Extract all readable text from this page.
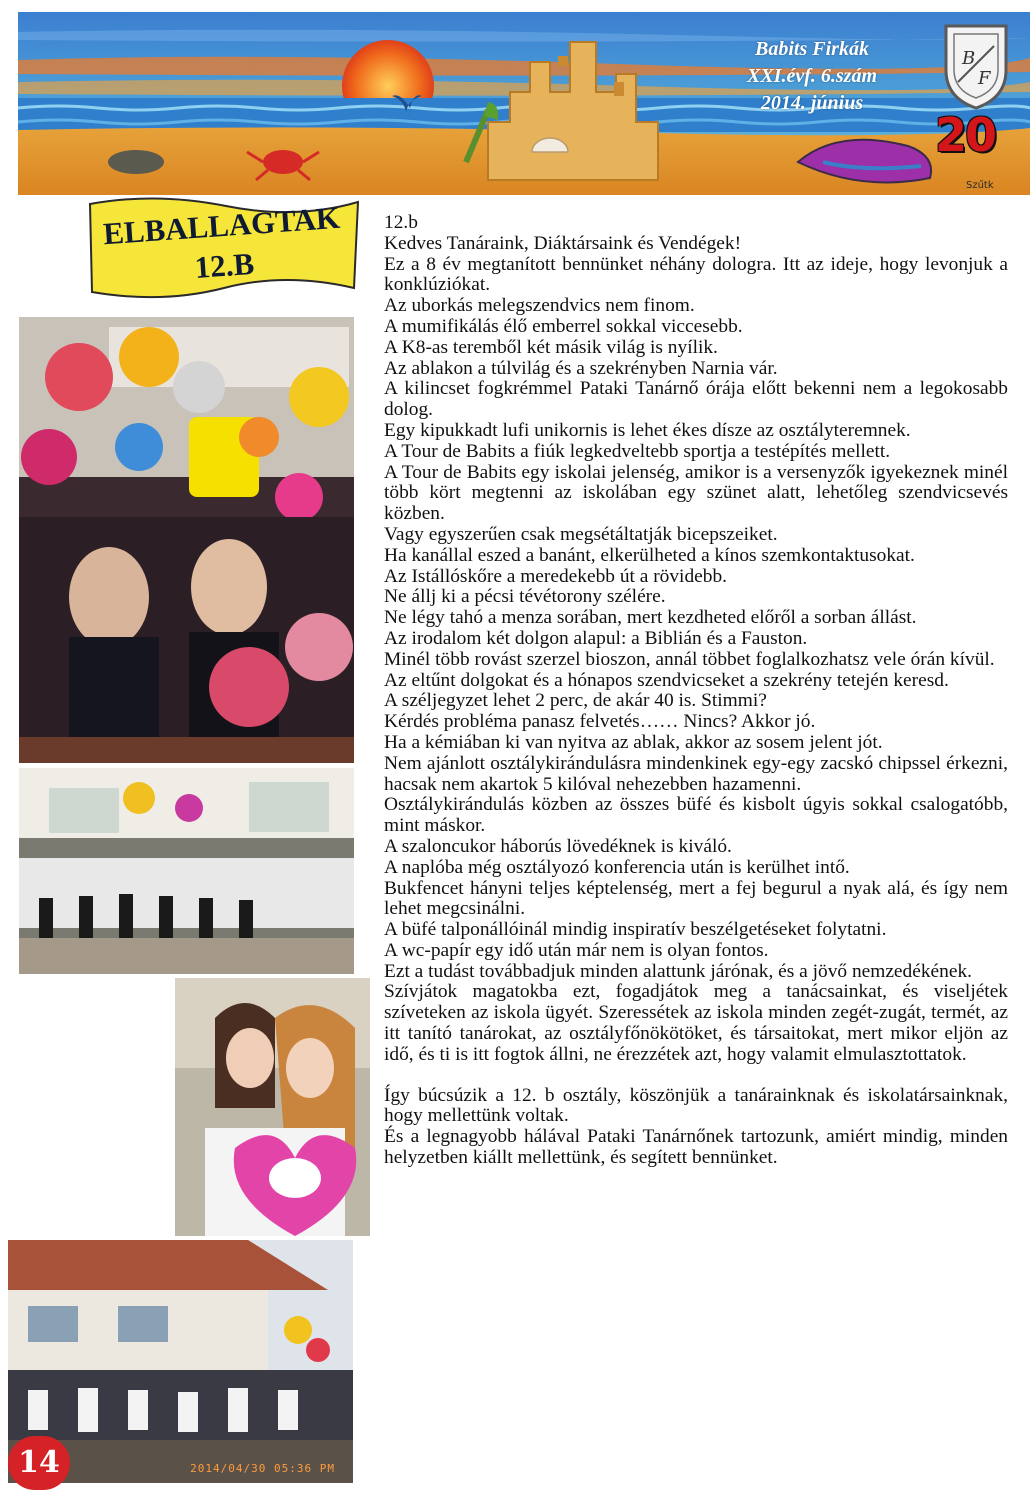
Szűtk
Babits Firkák
XXI.évf. 6.szám
2014. június
B
F
20
ELBALLAGTAK
12.B
2014/04/30 05:36 PM
14

12.b

Kedves Tanáraink, Diáktársaink és Vendégek!

Ez a 8 év megtanított bennünket néhány dologra. Itt az ideje, hogy levonjuk a konklúziókat.

Az uborkás melegszendvics nem finom.

A mumifikálás élő emberrel sokkal viccesebb.

A K8-as teremből két másik világ is nyílik.

Az ablakon a túlvilág és a szekrényben Narnia vár.

A kilincset fogkrémmel Pataki Tanárnő órája előtt bekenni nem a legokosabb dolog.

Egy kipukkadt lufi unikornis is lehet ékes dísze az osztályteremnek.

A Tour de Babits a fiúk legkedveltebb sportja a testépítés mellett.

A Tour de Babits egy iskolai jelenség, amikor is a versenyzők igyekeznek minél több kört megtenni az iskolában egy szünet alatt, lehetőleg szendvicsevés közben.

Vagy egyszerűen csak megsétáltatják bicepszeiket.

Ha kanállal eszed a banánt, elkerülheted a kínos szemkontaktusokat.

Az Istállóskőre a meredekebb út a rövidebb.

Ne állj ki a pécsi tévétorony szélére.

Ne légy tahó a menza sorában, mert kezdheted előről a sorban állást.

Az irodalom két dolgon alapul: a Biblián és a Fauston.

Minél több rovást szerzel bioszon, annál többet foglalkozhatsz vele órán kívül.

Az eltűnt dolgokat és a hónapos szendvicseket a szekrény tetején keresd.

A széljegyzet lehet 2 perc, de akár 40 is. Stimmi?

Kérdés probléma panasz felvetés…… Nincs? Akkor jó.

Ha a kémiában ki van nyitva az ablak, akkor az sosem jelent jót.

Nem ajánlott osztálykirándulásra mindenkinek egy-egy zacskó chipssel érkezni, hacsak nem akartok 5 kilóval nehezebben hazamenni.

Osztálykirándulás közben az összes büfé és kisbolt úgyis sokkal csalogatóbb, mint máskor.

A szaloncukor háborús lövedéknek is kiváló.

A naplóba még osztályozó konferencia után is kerülhet intő.

Bukfencet hányni teljes képtelenség, mert a fej begurul a nyak alá, és így nem lehet megcsinálni.

A büfé talponállóinál mindig inspiratív beszélgetéseket folytatni.

A wc-papír egy idő után már nem is olyan fontos.

Ezt a tudást továbbadjuk minden alattunk járónak, és a jövő nemzedékének.

Szívjátok magatokba ezt, fogadjátok meg a tanácsainkat, és viseljétek szíveteken az iskola ügyét. Szeressétek az iskola minden zegét-zugát, termét, az itt tanító tanárokat, az osztályfőnökötöket, és társaitokat, mert mikor eljön az idő, és ti is itt fogtok állni, ne érezzétek azt, hogy valamit elmulasztottatok.

Így búcsúzik a 12. b osztály, köszönjük a tanárainknak és iskolatársainknak, hogy mellettünk voltak.

És a legnagyobb hálával Pataki Tanárnőnek tartozunk, amiért mindig, minden helyzetben kiállt mellettünk, és segített bennünket.
